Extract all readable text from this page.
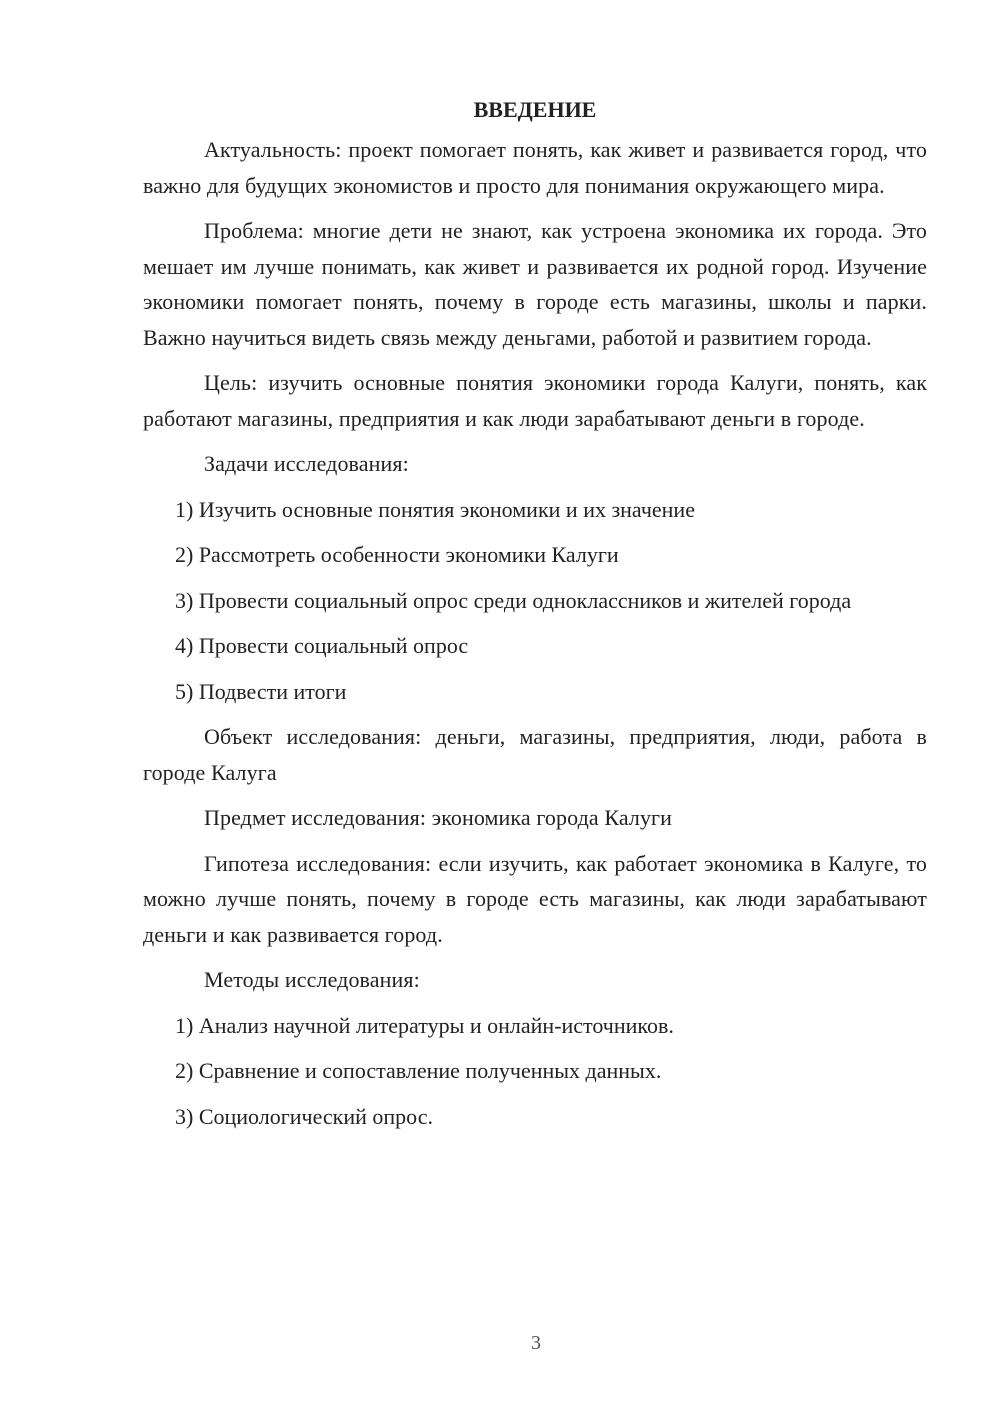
ВВЕДЕНИЕ

Актуальность: проект помогает понять, как живет и развивается город, что важно для будущих экономистов и просто для понимания окружающего мира.

Проблема: многие дети не знают, как устроена экономика их города. Это мешает им лучше понимать, как живет и развивается их родной город. Изучение экономики помогает понять, почему в городе есть магазины, школы и парки. Важно научиться видеть связь между деньгами, работой и развитием города.

Цель: изучить основные понятия экономики города Калуги, понять, как работают магазины, предприятия и как люди зарабатывают деньги в городе.

Задачи исследования:

1) Изучить основные понятия экономики и их значение

2) Рассмотреть особенности экономики Калуги

3) Провести социальный опрос среди одноклассников и жителей города

4) Провести социальный опрос

5) Подвести итоги

Объект исследования: деньги, магазины, предприятия, люди, работа в городе Калуга

Предмет исследования: экономика города Калуги

Гипотеза исследования: если изучить, как работает экономика в Калуге, то можно лучше понять, почему в городе есть магазины, как люди зарабатывают деньги и как развивается город.

Методы исследования:

1) Анализ научной литературы и онлайн-источников.

2) Сравнение и сопоставление полученных данных.

3) Социологический опрос.

3
